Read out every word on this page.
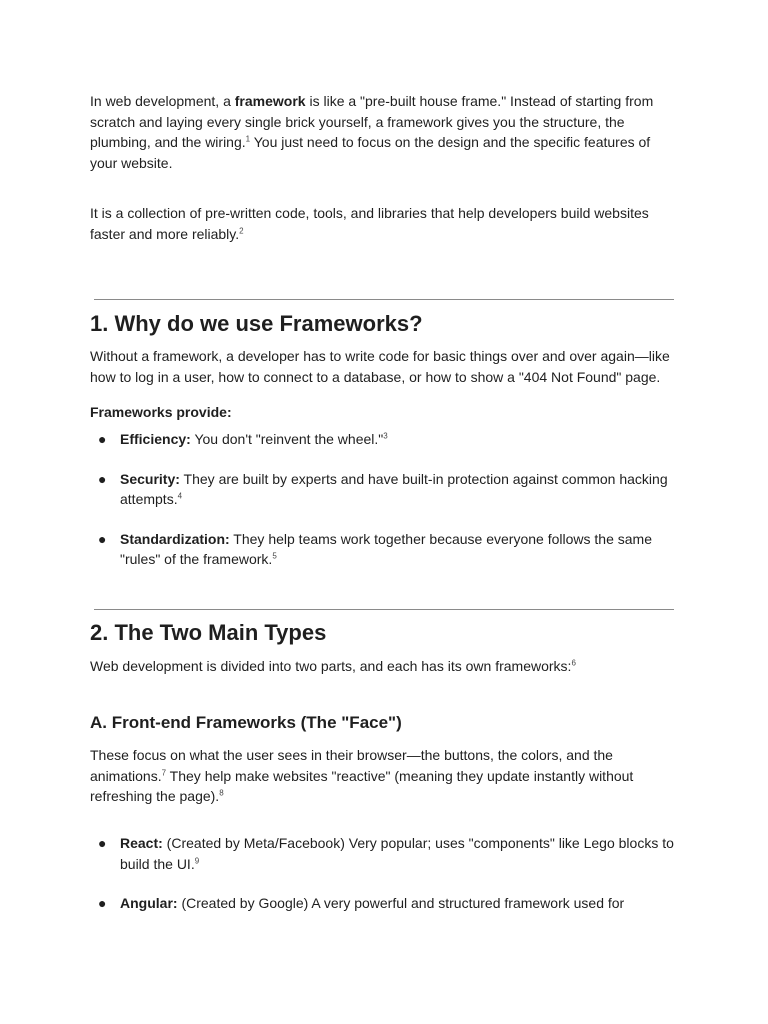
In web development, a framework is like a "pre-built house frame." Instead of starting from scratch and laying every single brick yourself, a framework gives you the structure, the plumbing, and the wiring.$^1$ You just need to focus on the design and the specific features of your website.

It is a collection of pre-written code, tools, and libraries that help developers build websites faster and more reliably.$^2$

1. Why do we use Frameworks?

Without a framework, a developer has to write code for basic things over and over again—like how to log in a user, how to connect to a database, or how to show a "404 Not Found" page.

Frameworks provide:

● Efficiency: You don't "reinvent the wheel."$^3$
● Security: They are built by experts and have built-in protection against common hacking attempts.$^4$
● Standardization: They help teams work together because everyone follows the same "rules" of the framework.$^5$
2. The Two Main Types

Web development is divided into two parts, and each has its own frameworks:$^6$

A. Front-end Frameworks (The "Face")

These focus on what the user sees in their browser—the buttons, the colors, and the animations.$^7$ They help make websites "reactive" (meaning they update instantly without refreshing the page).$^8$

● React: (Created by Meta/Facebook) Very popular; uses "components" like Lego blocks to build the UI.$^9$
● Angular: (Created by Google) A very powerful and structured framework used for
